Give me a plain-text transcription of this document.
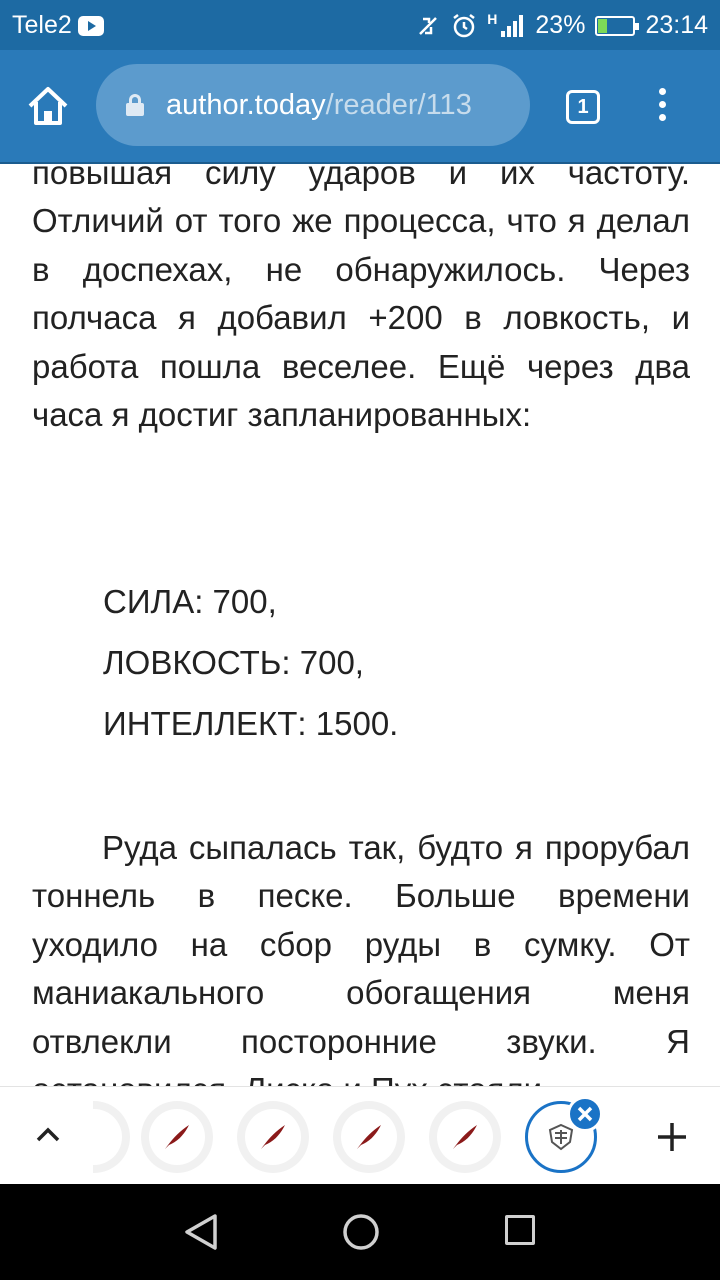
Tele2	H 23% 23:14
author.today /reader/113	1

повышая силу ударов и их частоту. Отличий от того же процесса, что я делал в доспехах, не обнаружилось. Через полчаса я добавил +200 в ловкость, и работа пошла веселее. Ещё через два часа я достиг запланированных:

СИЛА: 700,

ЛОВКОСТЬ: 700,

ИНТЕЛЛЕКТ: 1500.

Руда сыпалась так, будто я прорубал тоннель в песке. Больше времени уходило на сбор руды в сумку. От маниакального обогащения меня отвлекли посторонние звуки. Я
